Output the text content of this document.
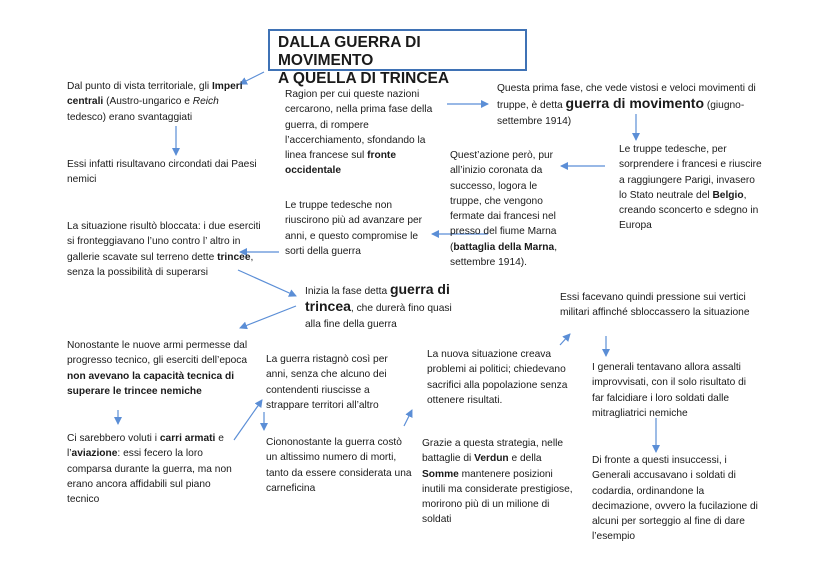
DALLA GUERRA DI MOVIMENTO
A QUELLA DI TRINCEA
Dal punto di vista territoriale, gli Imperi centrali (Austro-ungarico e Reich tedesco) erano svantaggiati
Essi infatti risultavano circondati dai Paesi nemici
Ragion per cui queste nazioni cercarono, nella prima fase della guerra, di rompere l’accerchiamento, sfondando la linea francese sul fronte occidentale
Questa prima fase, che vede vistosi e veloci movimenti di truppe, è detta guerra di movimento (giugno-settembre 1914)
Le truppe tedesche, per sorprendere i francesi e riuscire a raggiungere Parigi, invasero lo Stato neutrale del Belgio, creando sconcerto e sdegno in Europa
Quest’azione però, pur all’inizio coronata da successo, logora le truppe, che vengono fermate dai francesi nel presso del fiume Marna (battaglia della Marna, settembre 1914).
Le truppe tedesche non riuscirono più ad avanzare per anni, e questo compromise le sorti della guerra
La situazione risultò bloccata: i due eserciti si fronteggiavano l’uno contro l’ altro in gallerie scavate sul terreno dette trincee, senza la possibilità di superarsi
Inizia la fase detta guerra di trincea, che durerà fino quasi alla fine della guerra
Nonostante le nuove armi permesse dal progresso tecnico, gli eserciti dell’epoca non avevano la capacità tecnica di superare le trincee nemiche
Ci sarebbero voluti i carri armati e l’aviazione: essi fecero la loro comparsa durante la guerra, ma non erano ancora affidabili sul piano tecnico
La guerra ristagnò così per anni, senza che alcuno dei contendenti riuscisse a strappare territori all’altro
Ciononostante la guerra costò un altissimo numero di morti, tanto da essere considerata una carneficina
La nuova situazione creava problemi ai politici; chiedevano sacrifici alla popolazione senza ottenere risultati.
Grazie a questa strategia, nelle battaglie di Verdun e della Somme mantenere posizioni inutili ma considerate prestigiose, morirono più di un milione di soldati
Essi facevano quindi pressione sui vertici militari affinché sbloccassero la situazione
I generali tentavano allora assalti improvvisati, con il solo risultato di far falcidiare i loro soldati dalle mitragliatrici nemiche
Di fronte a questi insuccessi, i Generali accusavano i soldati di codardia, ordinandone la decimazione, ovvero la fucilazione di alcuni per sorteggio al fine di dare l’esempio
